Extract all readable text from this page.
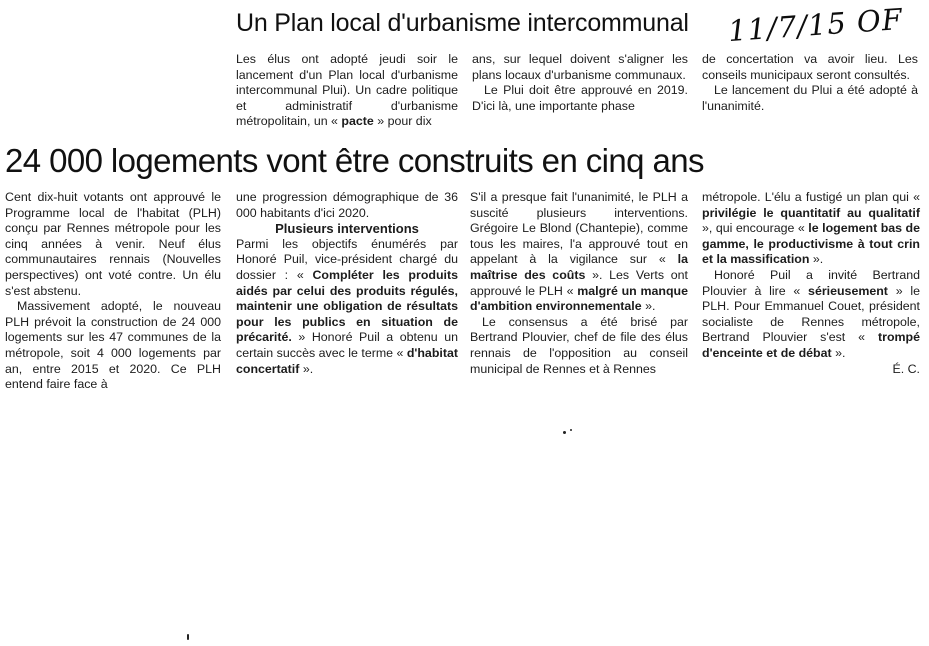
Un Plan local d'urbanisme intercommunal 11/7/15 OF

Les élus ont adopté jeudi soir le lancement d'un Plan local d'urbanisme intercommunal Plui). Un cadre politique et administratif d'urbanisme métropolitain, un « pacte » pour dix

ans, sur lequel doivent s'aligner les plans locaux d'urbanisme communaux.

Le Plui doit être approuvé en 2019. D'ici là, une importante phase

de concertation va avoir lieu. Les conseils municipaux seront consultés.

Le lancement du Plui a été adopté à l'unanimité.

24 000 logements vont être construits en cinq ans

Cent dix-huit votants ont approuvé le Programme local de l'habitat (PLH) conçu par Rennes métropole pour les cinq années à venir. Neuf élus communautaires rennais (Nouvelles perspectives) ont voté contre. Un élu s'est abstenu.

Massivement adopté, le nouveau PLH prévoit la construction de 24 000 logements sur les 47 communes de la métropole, soit 4 000 logements par an, entre 2015 et 2020. Ce PLH entend faire face à

une progression démographique de 36 000 habitants d'ici 2020.

Plusieurs interventions

Parmi les objectifs énumérés par Honoré Puil, vice-président chargé du dossier : « Compléter les produits aidés par celui des produits régulés, maintenir une obligation de résultats pour les publics en situation de précarité. » Honoré Puil a obtenu un certain succès avec le terme « d'habitat concertatif ».

S'il a presque fait l'unanimité, le PLH a suscité plusieurs interventions. Grégoire Le Blond (Chantepie), comme tous les maires, l'a approuvé tout en appelant à la vigilance sur « la maîtrise des coûts ». Les Verts ont approuvé le PLH « malgré un manque d'ambition environnementale ».

Le consensus a été brisé par Bertrand Plouvier, chef de file des élus rennais de l'opposition au conseil municipal de Rennes et à Rennes

métropole. L'élu a fustigé un plan qui « privilégie le quantitatif au qualitatif », qui encourage « le logement bas de gamme, le productivisme à tout crin et la massification ».

Honoré Puil a invité Bertrand Plouvier à lire « sérieusement » le PLH. Pour Emmanuel Couet, président socialiste de Rennes métropole, Bertrand Plouvier s'est « trompé d'enceinte et de débat ».

É. C.
